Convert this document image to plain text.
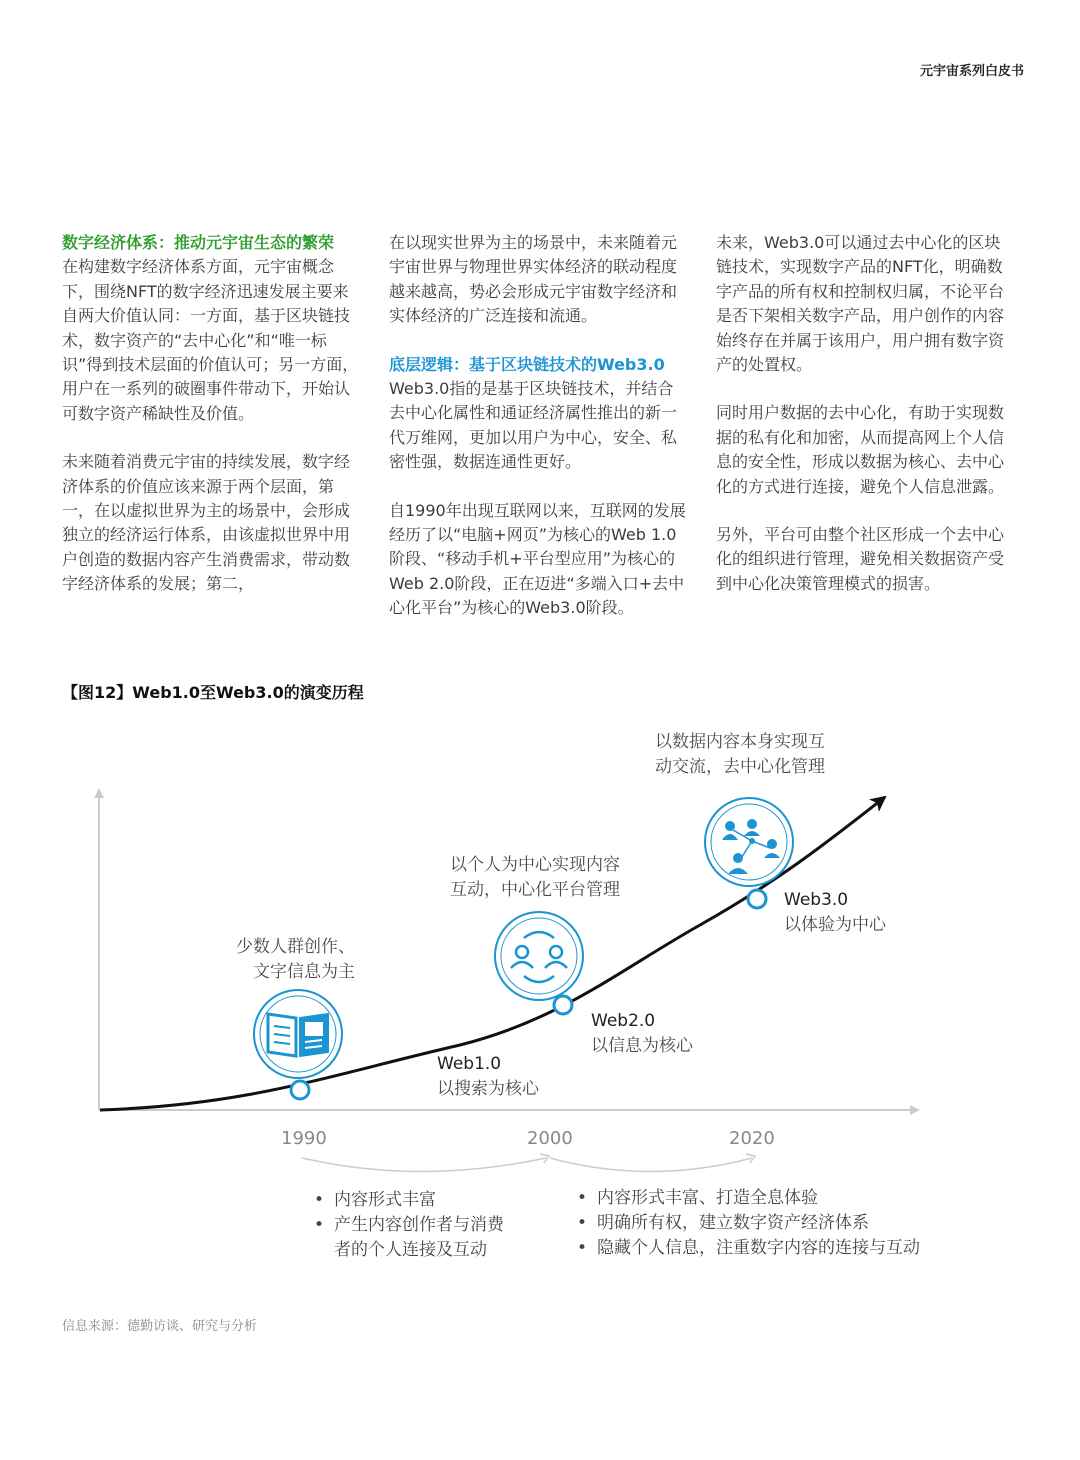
元宇宙系列白皮书

数字经济体系：推动元宇宙生态的繁荣
在构建数字经济体系方面，元宇宙概念下，围绕NFT的数字经济迅速发展主要来自两大价值认同：一方面，基于区块链技术，数字资产的“去中心化”和“唯一标识”得到技术层面的价值认可；另一方面，用户在一系列的破圈事件带动下，开始认可数字资产稀缺性及价值。

未来随着消费元宇宙的持续发展，数字经济体系的价值应该来源于两个层面，第一，在以虚拟世界为主的场景中，会形成独立的经济运行体系，由该虚拟世界中用户创造的数据内容产生消费需求，带动数字经济体系的发展；第二，

在以现实世界为主的场景中，未来随着元宇宙世界与物理世界实体经济的联动程度越来越高，势必会形成元宇宙数字经济和实体经济的广泛连接和流通。

底层逻辑：基于区块链技术的Web3.0
Web3.0指的是基于区块链技术，并结合去中心化属性和通证经济属性推出的新一代万维网，更加以用户为中心，安全、私密性强，数据连通性更好。

自1990年出现互联网以来，互联网的发展经历了以“电脑+网页”为核心的Web 1.0阶段、“移动手机+平台型应用”为核心的Web 2.0阶段，正在迈进“多端入口+去中心化平台”为核心的Web3.0阶段。

未来，Web3.0可以通过去中心化的区块链技术，实现数字产品的NFT化，明确数字产品的所有权和控制权归属，不论平台是否下架相关数字产品，用户创作的内容始终存在并属于该用户，用户拥有数字资产的处置权。

同时用户数据的去中心化，有助于实现数据的私有化和加密，从而提高网上个人信息的安全性，形成以数据为核心、去中心化的方式进行连接，避免个人信息泄露。

另外，平台可由整个社区形成一个去中心化的组织进行管理，避免相关数据资产受到中心化决策管理模式的损害。

【图12】Web1.0至Web3.0的演变历程
少数人群创作、
文字信息为主
以个人为中心实现内容
互动，中心化平台管理
以数据内容本身实现互
动交流，去中心化管理
Web1.0
以搜索为核心
Web2.0
以信息为核心
Web3.0
以体验为中心
1990	2000	2020
• 内容形式丰富
• 产生内容创作者与消费
者的个人连接及互动
• 内容形式丰富、打造全息体验
• 明确所有权，建立数字资产经济体系
• 隐藏个人信息，注重数字内容的连接与互动
信息来源：德勤访谈、研究与分析
